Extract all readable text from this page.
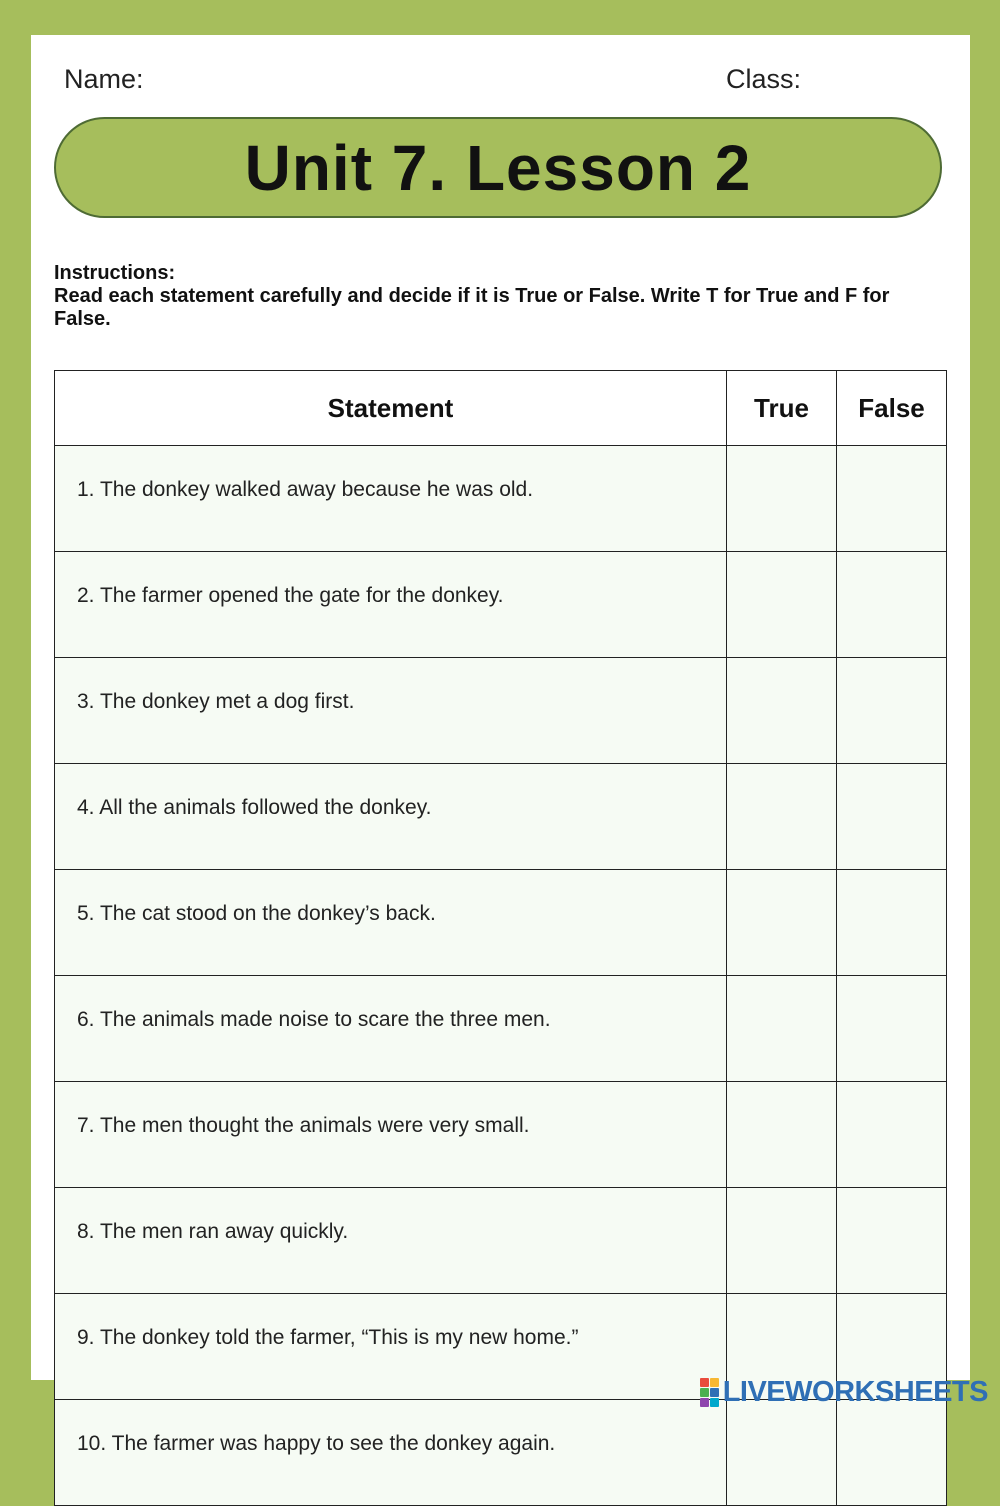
Name:	Class:
Unit 7. Lesson 2
Instructions:
Read each statement carefully and decide if it is True or False. Write T for True and F for False.
Statement	True	False
1. The donkey walked away because he was old.		
2. The farmer opened the gate for the donkey.		
3. The donkey met a dog first.		
4. All the animals followed the donkey.		
5. The cat stood on the donkey’s back.		
6. The animals made noise to scare the three men.		
7. The men thought the animals were very small.		
8. The men ran away quickly.		
9. The donkey told the farmer, “This is my new home.”		
10. The farmer was happy to see the donkey again.		
LIVEWORKSHEETS
